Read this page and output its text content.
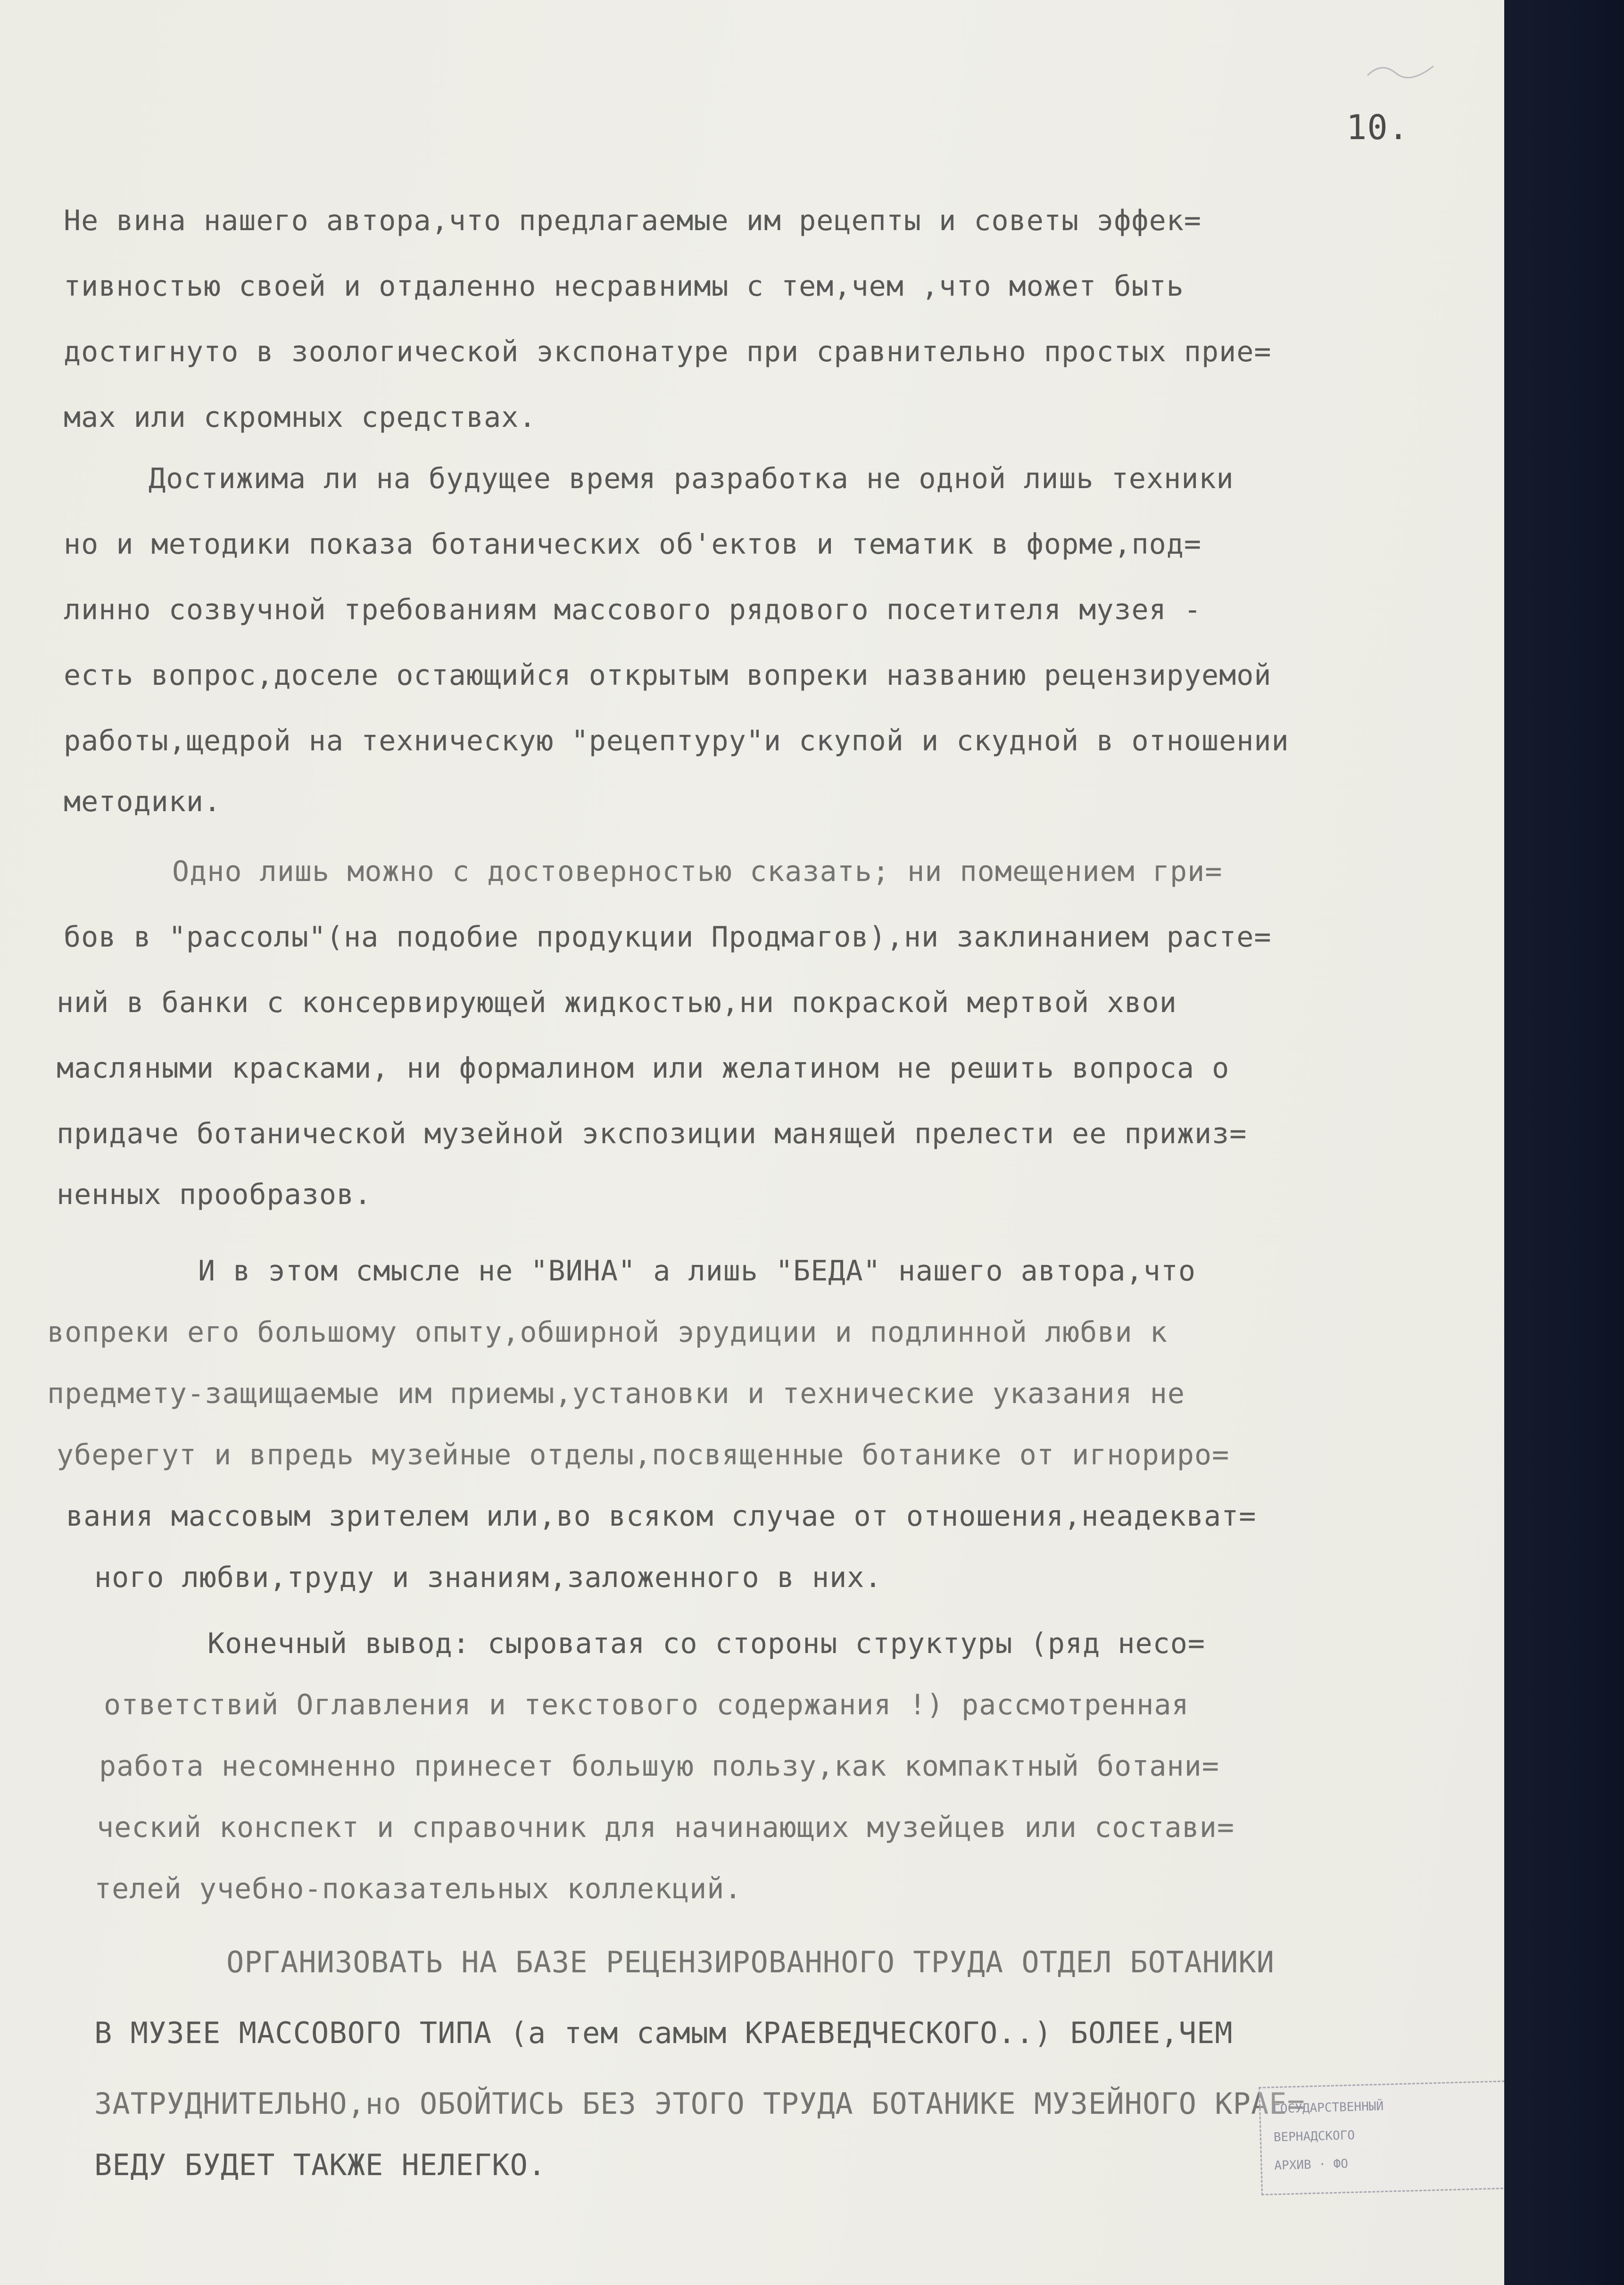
10.
Не вина нашего автора,что предлагаемые им рецепты и советы эффек=
тивностью своей и отдаленно несравнимы с тем,чем ,что может быть
достигнуто в зоологической экспонатуре при сравнительно простых прие=
мах или скромных средствах.
Достижима ли на будущее время разработка не одной лишь техники
но и методики показа ботанических об'ектов и тематик в форме,под=
линно созвучной требованиям массового рядового посетителя музея -
есть вопрос,доселе остающийся открытым вопреки названию рецензируемой
работы,щедрой на техническую "рецептуру"и скупой и скудной в отношении
методики.
Одно лишь можно с достоверностью сказать; ни помещением гри=
бов в "рассолы"(на подобие продукции Продмагов),ни заклинанием расте=
ний в банки с консервирующей жидкостью,ни покраской мертвой хвои
масляными красками, ни формалином или желатином не решить вопроса о
придаче ботанической музейной экспозиции манящей прелести ее прижиз=
ненных прообразов.
И в этом смысле не "ВИНА" а лишь "БЕДА" нашего автора,что
вопреки его большому опыту,обширной эрудиции и подлинной любви к
предмету-защищаемые им приемы,установки и технические указания не
уберегут и впредь музейные отделы,посвященные ботанике от игнориро=
вания массовым зрителем или,во всяком случае от отношения,неадекват=
ного любви,труду и знаниям,заложенного в них.
Конечный вывод: сыроватая со стороны структуры (ряд несо=
ответствий Оглавления и текстового содержания !) рассмотренная
работа несомненно принесет большую пользу,как компактный ботани=
ческий конспект и справочник для начинающих музейцев или состави=
телей учебно-показательных коллекций.
ОРГАНИЗОВАТЬ НА БАЗЕ РЕЦЕНЗИРОВАННОГО ТРУДА ОТДЕЛ БОТАНИКИ
В МУЗЕЕ МАССОВОГО ТИПА (а тем самым КРАЕВЕДЧЕСКОГО..) БОЛЕЕ,ЧЕМ
ЗАТРУДНИТЕЛЬНО,но ОБОЙТИСЬ БЕЗ ЭТОГО ТРУДА БОТАНИКЕ МУЗЕЙНОГО КРАЕ=
ВЕДУ БУДЕТ ТАКЖЕ НЕЛЕГКО.
ГОСУДАРСТВЕННЫЙ
ВЕРНАДСКОГО
АРХИВ · ФО
